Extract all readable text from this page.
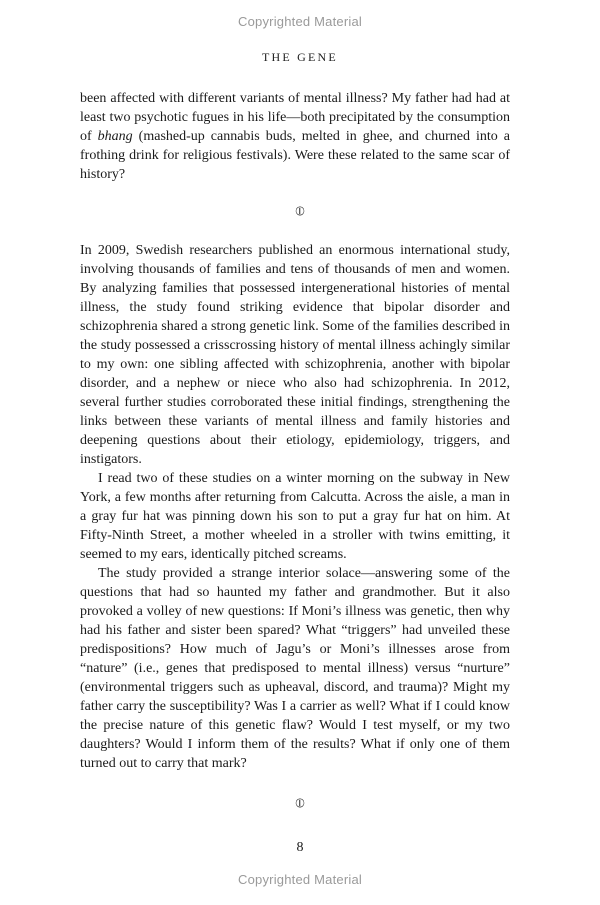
Copyrighted Material
THE GENE

been affected with different variants of mental illness? My father had had at least two psychotic fugues in his life—both precipitated by the consumption of bhang (mashed-up cannabis buds, melted in ghee, and churned into a frothing drink for religious festivals). Were these related to the same scar of history?

⦶

In 2009, Swedish researchers published an enormous international study, involving thousands of families and tens of thousands of men and women. By analyzing families that possessed intergenerational histories of mental illness, the study found striking evidence that bipolar disorder and schizophrenia shared a strong genetic link. Some of the families described in the study possessed a crisscrossing history of mental illness achingly similar to my own: one sibling affected with schizophrenia, another with bipolar disorder, and a nephew or niece who also had schizophrenia. In 2012, several further studies corroborated these initial findings, strengthening the links between these variants of mental illness and family histories and deepening questions about their etiology, epidemiology, triggers, and instigators.

I read two of these studies on a winter morning on the subway in New York, a few months after returning from Calcutta. Across the aisle, a man in a gray fur hat was pinning down his son to put a gray fur hat on him. At Fifty-Ninth Street, a mother wheeled in a stroller with twins emitting, it seemed to my ears, identically pitched screams.

The study provided a strange interior solace—answering some of the questions that had so haunted my father and grandmother. But it also provoked a volley of new questions: If Moni’s illness was genetic, then why had his father and sister been spared? What “triggers” had unveiled these predispositions? How much of Jagu’s or Moni’s illnesses arose from “nature” (i.e., genes that predisposed to mental illness) versus “nurture” (environmental triggers such as upheaval, discord, and trauma)? Might my father carry the susceptibility? Was I a carrier as well? What if I could know the precise nature of this genetic flaw? Would I test myself, or my two daughters? Would I inform them of the results? What if only one of them turned out to carry that mark?

⦶
8
Copyrighted Material
